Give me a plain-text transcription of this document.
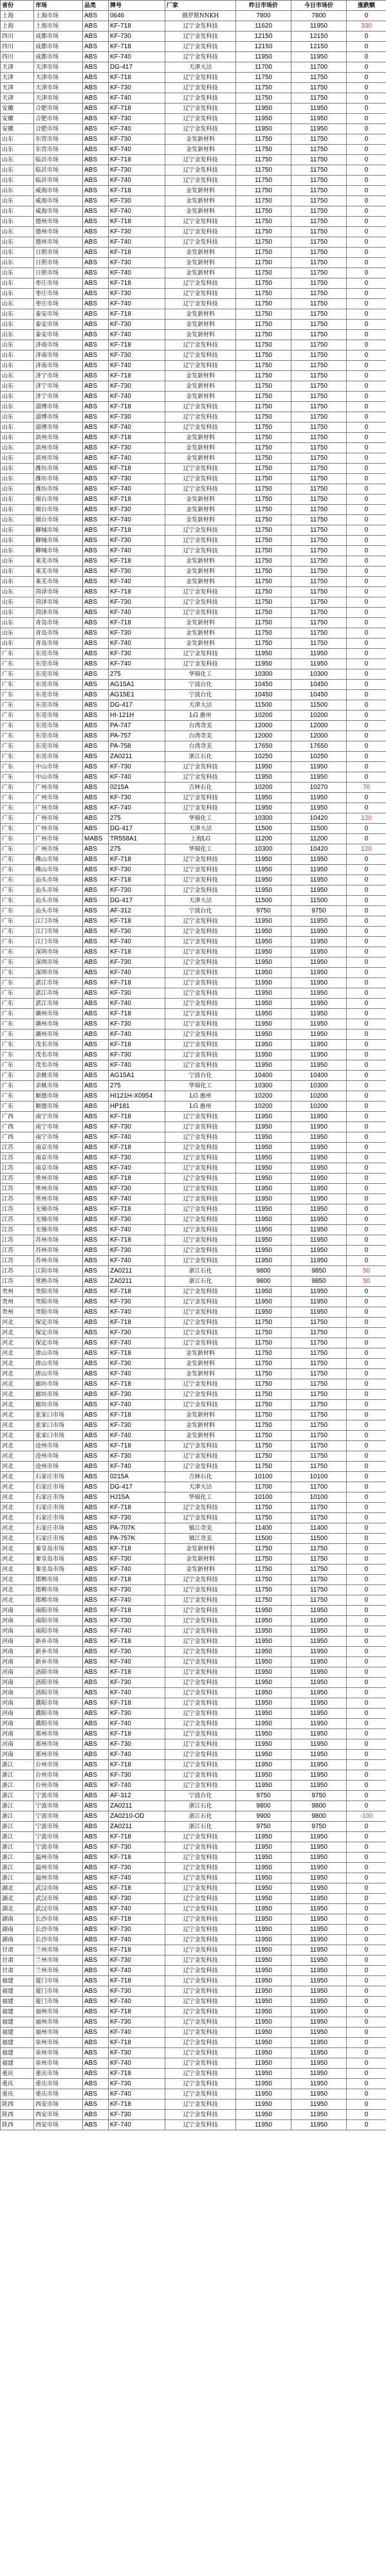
省份	市场	品类	牌号	厂家	昨日市场价	今日市场价	涨跌额
上海	上海市场	ABS	0646	俄罗斯NNKH	7800	7800	0
上海	上海市场	ABS	KF-718	辽宁金发科技	11620	11950	330
四川	成都市场	ABS	KF-730	辽宁金发科技	12150	12150	0
四川	成都市场	ABS	KF-718	辽宁金发科技	12150	12150	0
四川	成都市场	ABS	KF-740	辽宁金发科技	11950	11950	0
天津	天津市场	ABS	DG-417	天津大沽	11700	11700	0
天津	天津市场	ABS	KF-718	辽宁金发科技	11750	11750	0
天津	天津市场	ABS	KF-730	辽宁金发科技	11750	11750	0
天津	天津市场	ABS	KF-740	辽宁金发科技	11750	11750	0
安徽	合肥市场	ABS	KF-718	辽宁金发科技	11950	11950	0
安徽	合肥市场	ABS	KF-730	辽宁金发科技	11950	11950	0
安徽	合肥市场	ABS	KF-740	辽宁金发科技	11950	11950	0
山东	东营市场	ABS	KF-730	金发新材料	11750	11750	0
山东	东营市场	ABS	KF-740	金发新材料	11750	11750	0
山东	临沂市场	ABS	KF-718	辽宁金发科技	11750	11750	0
山东	临沂市场	ABS	KF-730	辽宁金发科技	11750	11750	0
山东	临沂市场	ABS	KF-740	辽宁金发科技	11750	11750	0
山东	威海市场	ABS	KF-718	金发新材料	11750	11750	0
山东	威海市场	ABS	KF-730	金发新材料	11750	11750	0
山东	威海市场	ABS	KF-740	金发新材料	11750	11750	0
山东	德州市场	ABS	KF-718	辽宁金发科技	11750	11750	0
山东	德州市场	ABS	KF-730	辽宁金发科技	11750	11750	0
山东	德州市场	ABS	KF-740	辽宁金发科技	11750	11750	0
山东	日照市场	ABS	KF-718	金发新材料	11750	11750	0
山东	日照市场	ABS	KF-730	金发新材料	11750	11750	0
山东	日照市场	ABS	KF-740	金发新材料	11750	11750	0
山东	枣庄市场	ABS	KF-718	辽宁金发科技	11750	11750	0
山东	枣庄市场	ABS	KF-730	辽宁金发科技	11750	11750	0
山东	枣庄市场	ABS	KF-740	辽宁金发科技	11750	11750	0
山东	泰安市场	ABS	KF-718	金发新材料	11750	11750	0
山东	泰安市场	ABS	KF-730	金发新材料	11750	11750	0
山东	泰安市场	ABS	KF-740	金发新材料	11750	11750	0
山东	济南市场	ABS	KF-718	辽宁金发科技	11750	11750	0
山东	济南市场	ABS	KF-730	辽宁金发科技	11750	11750	0
山东	济南市场	ABS	KF-740	辽宁金发科技	11750	11750	0
山东	济宁市场	ABS	KF-718	金发新材料	11750	11750	0
山东	济宁市场	ABS	KF-730	金发新材料	11750	11750	0
山东	济宁市场	ABS	KF-740	金发新材料	11750	11750	0
山东	淄博市场	ABS	KF-718	辽宁金发科技	11750	11750	0
山东	淄博市场	ABS	KF-730	辽宁金发科技	11750	11750	0
山东	淄博市场	ABS	KF-740	辽宁金发科技	11750	11750	0
山东	滨州市场	ABS	KF-718	金发新材料	11750	11750	0
山东	滨州市场	ABS	KF-730	金发新材料	11750	11750	0
山东	滨州市场	ABS	KF-740	金发新材料	11750	11750	0
山东	潍坊市场	ABS	KF-718	辽宁金发科技	11750	11750	0
山东	潍坊市场	ABS	KF-730	辽宁金发科技	11750	11750	0
山东	潍坊市场	ABS	KF-740	辽宁金发科技	11750	11750	0
山东	烟台市场	ABS	KF-718	金发新材料	11750	11750	0
山东	烟台市场	ABS	KF-730	金发新材料	11750	11750	0
山东	烟台市场	ABS	KF-740	金发新材料	11750	11750	0
山东	聊城市场	ABS	KF-718	辽宁金发科技	11750	11750	0
山东	聊城市场	ABS	KF-730	辽宁金发科技	11750	11750	0
山东	聊城市场	ABS	KF-740	辽宁金发科技	11750	11750	0
山东	莱芜市场	ABS	KF-718	金发新材料	11750	11750	0
山东	莱芜市场	ABS	KF-730	金发新材料	11750	11750	0
山东	莱芜市场	ABS	KF-740	金发新材料	11750	11750	0
山东	菏泽市场	ABS	KF-718	辽宁金发科技	11750	11750	0
山东	菏泽市场	ABS	KF-730	辽宁金发科技	11750	11750	0
山东	菏泽市场	ABS	KF-740	辽宁金发科技	11750	11750	0
山东	青岛市场	ABS	KF-718	金发新材料	11750	11750	0
山东	青岛市场	ABS	KF-730	金发新材料	11750	11750	0
山东	青岛市场	ABS	KF-740	金发新材料	11750	11750	0
广东	东莞市场	ABS	KF-730	辽宁金发科技	11950	11950	0
广东	东莞市场	ABS	KF-740	辽宁金发科技	11950	11950	0
广东	东莞市场	ABS	275	华锦化工	10300	10300	0
广东	东莞市场	ABS	AG15A1	宁波台化	10450	10450	0
广东	东莞市场	ABS	AG15E1	宁波台化	10450	10450	0
广东	东莞市场	ABS	DG-417	天津大沽	11500	11500	0
广东	东莞市场	ABS	HI-121H	LG 惠州	10200	10200	0
广东	东莞市场	ABS	PA-747	台湾奇美	12000	12000	0
广东	东莞市场	ABS	PA-757	台湾奇美	12000	12000	0
广东	东莞市场	ABS	PA-758	台湾奇美	17650	17650	0
广东	东莞市场	ABS	ZA0211	浙江石化	10250	10250	0
广东	中山市场	ABS	KF-730	辽宁金发科技	11950	11950	0
广东	中山市场	ABS	KF-740	辽宁金发科技	11950	11950	0
广东	广州市场	ABS	0215A	吉林石化	10200	10270	70
广东	广州市场	ABS	KF-730	辽宁金发科技	11950	11950	0
广东	广州市场	ABS	KF-740	辽宁金发科技	11950	11950	0
广东	广州市场	ABS	275	华锦化工	10300	10420	120
广东	广州市场	ABS	DG-417	天津大沽	11500	11500	0
广东	广州市场	MABS	TR558A1	上海LG	11200	11200	0
广东	广州市场	ABS	275	华锦化工	10300	10420	120
广东	佛山市场	ABS	KF-718	辽宁金发科技	11950	11950	0
广东	佛山市场	ABS	KF-730	辽宁金发科技	11950	11950	0
广东	汕头市场	ABS	KF-718	辽宁金发科技	11950	11950	0
广东	汕头市场	ABS	KF-730	辽宁金发科技	11950	11950	0
广东	汕头市场	ABS	DG-417	天津大沽	11500	11500	0
广东	汕头市场	ABS	AF-312	宁波台化	9750	9750	0
广东	江门市场	ABS	KF-718	辽宁金发科技	11950	11950	0
广东	江门市场	ABS	KF-730	辽宁金发科技	11950	11950	0
广东	江门市场	ABS	KF-740	辽宁金发科技	11950	11950	0
广东	深圳市场	ABS	KF-718	辽宁金发科技	11950	11950	0
广东	深圳市场	ABS	KF-730	辽宁金发科技	11950	11950	0
广东	深圳市场	ABS	KF-740	辽宁金发科技	11950	11950	0
广东	湛江市场	ABS	KF-718	辽宁金发科技	11950	11950	0
广东	湛江市场	ABS	KF-730	辽宁金发科技	11950	11950	0
广东	湛江市场	ABS	KF-740	辽宁金发科技	11950	11950	0
广东	潮州市场	ABS	KF-718	辽宁金发科技	11950	11950	0
广东	潮州市场	ABS	KF-730	辽宁金发科技	11950	11950	0
广东	潮州市场	ABS	KF-740	辽宁金发科技	11950	11950	0
广东	茂名市场	ABS	KF-718	辽宁金发科技	11950	11950	0
广东	茂名市场	ABS	KF-730	辽宁金发科技	11950	11950	0
广东	茂名市场	ABS	KF-740	辽宁金发科技	11950	11950	0
广东	余姚市场	ABS	AG15A1	宁波台化	10400	10400	0
广东	余姚市场	ABS	275	华锦化工	10300	10300	0
广东	顺德市场	ABS	HI121H-X0954	LG 惠州	10200	10200	0
广东	顺德市场	ABS	HP181	LG 惠州	10200	10200	0
广西	南宁市场	ABS	KF-718	辽宁金发科技	11950	11950	0
广西	南宁市场	ABS	KF-730	辽宁金发科技	11950	11950	0
广西	南宁市场	ABS	KF-740	辽宁金发科技	11950	11950	0
江苏	南京市场	ABS	KF-718	辽宁金发科技	11950	11950	0
江苏	南京市场	ABS	KF-730	辽宁金发科技	11950	11950	0
江苏	南京市场	ABS	KF-740	辽宁金发科技	11950	11950	0
江苏	常州市场	ABS	KF-718	辽宁金发科技	11950	11950	0
江苏	常州市场	ABS	KF-730	辽宁金发科技	11950	11950	0
江苏	常州市场	ABS	KF-740	辽宁金发科技	11950	11950	0
江苏	无锡市场	ABS	KF-718	辽宁金发科技	11950	11950	0
江苏	无锡市场	ABS	KF-730	辽宁金发科技	11950	11950	0
江苏	无锡市场	ABS	KF-740	辽宁金发科技	11950	11950	0
江苏	苏州市场	ABS	KF-718	辽宁金发科技	11950	11950	0
江苏	苏州市场	ABS	KF-730	辽宁金发科技	11950	11950	0
江苏	苏州市场	ABS	KF-740	辽宁金发科技	11950	11950	0
江苏	江阴市场	ABS	ZA0211	浙江石化	9800	9850	50
江苏	常熟市场	ABS	ZA0211	浙江石化	9800	9850	50
贵州	贵阳市场	ABS	KF-718	辽宁金发科技	11950	11950	0
贵州	贵阳市场	ABS	KF-730	辽宁金发科技	11950	11950	0
贵州	贵阳市场	ABS	KF-740	辽宁金发科技	11950	11950	0
河北	保定市场	ABS	KF-718	辽宁金发科技	11750	11750	0
河北	保定市场	ABS	KF-730	辽宁金发科技	11750	11750	0
河北	保定市场	ABS	KF-740	辽宁金发科技	11750	11750	0
河北	唐山市场	ABS	KF-718	金发新材料	11750	11750	0
河北	唐山市场	ABS	KF-730	金发新材料	11750	11750	0
河北	唐山市场	ABS	KF-740	金发新材料	11750	11750	0
河北	廊坊市场	ABS	KF-718	辽宁金发科技	11750	11750	0
河北	廊坊市场	ABS	KF-730	辽宁金发科技	11750	11750	0
河北	廊坊市场	ABS	KF-740	辽宁金发科技	11750	11750	0
河北	张家口市场	ABS	KF-718	金发新材料	11750	11750	0
河北	张家口市场	ABS	KF-730	金发新材料	11750	11750	0
河北	张家口市场	ABS	KF-740	金发新材料	11750	11750	0
河北	沧州市场	ABS	KF-718	辽宁金发科技	11750	11750	0
河北	沧州市场	ABS	KF-730	辽宁金发科技	11750	11750	0
河北	沧州市场	ABS	KF-740	辽宁金发科技	11750	11750	0
河北	石家庄市场	ABS	0215A	吉林石化	10100	10100	0
河北	石家庄市场	ABS	DG-417	天津大沽	11700	11700	0
河北	石家庄市场	ABS	HJ15A	华锦化工	10100	10100	0
河北	石家庄市场	ABS	KF-718	辽宁金发科技	11750	11750	0
河北	石家庄市场	ABS	KF-730	辽宁金发科技	11750	11750	0
河北	石家庄市场	ABS	PA-707K	镇江奇美	11400	11400	0
河北	石家庄市场	ABS	PA-757K	镇江奇美	11500	11500	0
河北	秦皇岛市场	ABS	KF-718	金发新材料	11750	11750	0
河北	秦皇岛市场	ABS	KF-730	金发新材料	11750	11750	0
河北	秦皇岛市场	ABS	KF-740	金发新材料	11750	11750	0
河北	邯郸市场	ABS	KF-718	辽宁金发科技	11750	11750	0
河北	邯郸市场	ABS	KF-730	辽宁金发科技	11750	11750	0
河北	邯郸市场	ABS	KF-740	辽宁金发科技	11750	11750	0
河南	南阳市场	ABS	KF-718	辽宁金发科技	11950	11950	0
河南	南阳市场	ABS	KF-730	辽宁金发科技	11950	11950	0
河南	南阳市场	ABS	KF-740	辽宁金发科技	11950	11950	0
河南	新乡市场	ABS	KF-718	辽宁金发科技	11950	11950	0
河南	新乡市场	ABS	KF-730	辽宁金发科技	11950	11950	0
河南	新乡市场	ABS	KF-740	辽宁金发科技	11950	11950	0
河南	洛阳市场	ABS	KF-718	辽宁金发科技	11950	11950	0
河南	洛阳市场	ABS	KF-730	辽宁金发科技	11950	11950	0
河南	洛阳市场	ABS	KF-740	辽宁金发科技	11950	11950	0
河南	濮阳市场	ABS	KF-718	辽宁金发科技	11950	11950	0
河南	濮阳市场	ABS	KF-730	辽宁金发科技	11950	11950	0
河南	濮阳市场	ABS	KF-740	辽宁金发科技	11950	11950	0
河南	郑州市场	ABS	KF-718	辽宁金发科技	11950	11950	0
河南	郑州市场	ABS	KF-730	辽宁金发科技	11950	11950	0
河南	郑州市场	ABS	KF-740	辽宁金发科技	11950	11950	0
浙江	台州市场	ABS	KF-718	辽宁金发科技	11950	11950	0
浙江	台州市场	ABS	KF-730	辽宁金发科技	11950	11950	0
浙江	台州市场	ABS	KF-740	辽宁金发科技	11950	11950	0
浙江	宁波市场	ABS	AF-312	宁波台化	9750	9750	0
浙江	宁波市场	ABS	ZA0211	浙江石化	9800	9800	0
浙江	宁波市场	ABS	ZA0210-OD	浙江石化	9900	9800	-100
浙江	宁波市场	ABS	ZA0211	浙江石化	9750	9750	0
浙江	宁波市场	ABS	KF-718	辽宁金发科技	11950	11950	0
浙江	宁波市场	ABS	KF-730	辽宁金发科技	11950	11950	0
浙江	温州市场	ABS	KF-718	辽宁金发科技	11950	11950	0
浙江	温州市场	ABS	KF-730	辽宁金发科技	11950	11950	0
浙江	温州市场	ABS	KF-740	辽宁金发科技	11950	11950	0
湖北	武汉市场	ABS	KF-718	辽宁金发科技	11950	11950	0
湖北	武汉市场	ABS	KF-730	辽宁金发科技	11950	11950	0
湖北	武汉市场	ABS	KF-740	辽宁金发科技	11950	11950	0
湖南	长沙市场	ABS	KF-718	辽宁金发科技	11950	11950	0
湖南	长沙市场	ABS	KF-730	辽宁金发科技	11950	11950	0
湖南	长沙市场	ABS	KF-740	辽宁金发科技	11950	11950	0
甘肃	兰州市场	ABS	KF-718	辽宁金发科技	11950	11950	0
甘肃	兰州市场	ABS	KF-730	辽宁金发科技	11950	11950	0
甘肃	兰州市场	ABS	KF-740	辽宁金发科技	11950	11950	0
福建	厦门市场	ABS	KF-718	辽宁金发科技	11950	11950	0
福建	厦门市场	ABS	KF-730	辽宁金发科技	11950	11950	0
福建	厦门市场	ABS	KF-740	辽宁金发科技	11950	11950	0
福建	福州市场	ABS	KF-718	辽宁金发科技	11950	11950	0
福建	福州市场	ABS	KF-730	辽宁金发科技	11950	11950	0
福建	福州市场	ABS	KF-740	辽宁金发科技	11950	11950	0
福建	泉州市场	ABS	KF-718	辽宁金发科技	11950	11950	0
福建	泉州市场	ABS	KF-730	辽宁金发科技	11950	11950	0
福建	泉州市场	ABS	KF-740	辽宁金发科技	11950	11950	0
重庆	重庆市场	ABS	KF-718	辽宁金发科技	11950	11950	0
重庆	重庆市场	ABS	KF-730	辽宁金发科技	11950	11950	0
重庆	重庆市场	ABS	KF-740	辽宁金发科技	11950	11950	0
陕西	西安市场	ABS	KF-718	辽宁金发科技	11950	11950	0
陕西	西安市场	ABS	KF-730	辽宁金发科技	11950	11950	0
陕西	西安市场	ABS	KF-740	辽宁金发科技	11950	11950	0
